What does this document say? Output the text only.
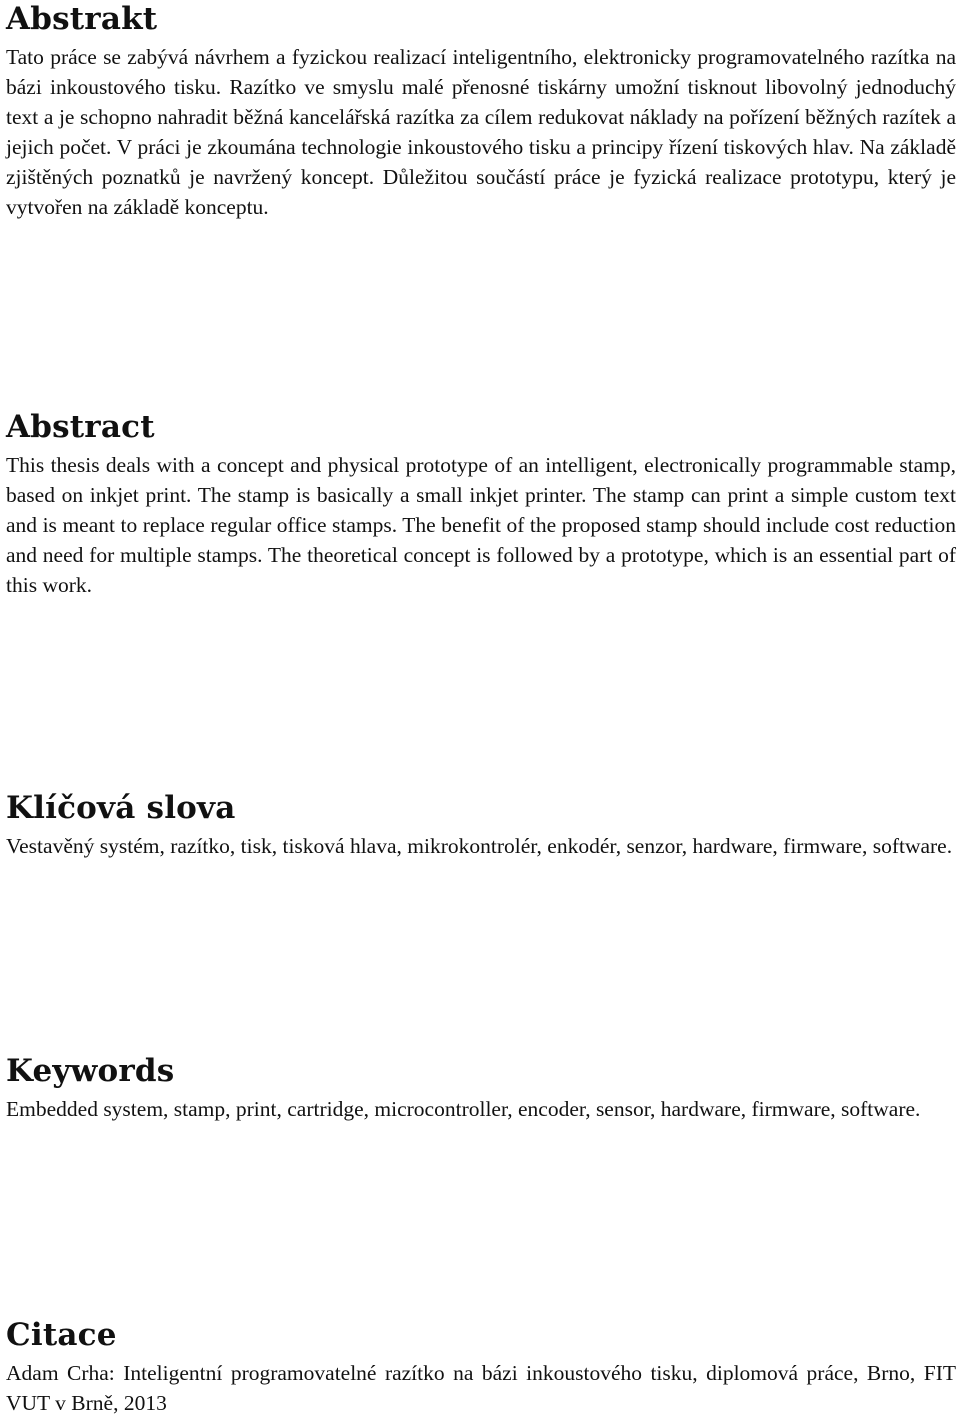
Abstrakt

Tato práce se zabývá návrhem a fyzickou realizací inteligentního, elektronicky programovatelného razítka na bázi inkoustového tisku. Razítko ve smyslu malé přenosné tiskárny umožní tisknout libovolný jednoduchý text a je schopno nahradit běžná kancelářská razítka za cílem redukovat náklady na pořízení běžných razítek a jejich počet. V práci je zkoumána technologie inkoustového tisku a principy řízení tiskových hlav. Na základě zjištěných poznatků je navržený koncept. Důležitou součástí práce je fyzická realizace prototypu, který je vytvořen na základě konceptu.

Abstract

This thesis deals with a concept and physical prototype of an intelligent, electronically programmable stamp, based on inkjet print. The stamp is basically a small inkjet printer. The stamp can print a simple custom text and is meant to replace regular office stamps. The benefit of the proposed stamp should include cost reduction and need for multiple stamps. The theoretical concept is followed by a prototype, which is an essential part of this work.

Klíčová slova

Vestavěný systém, razítko, tisk, tisková hlava, mikrokontrolér, enkodér, senzor, hardware, firmware, software.

Keywords

Embedded system, stamp, print, cartridge, microcontroller, encoder, sensor, hardware, firmware, software.

Citace

Adam Crha: Inteligentní programovatelné razítko na bázi inkoustového tisku, diplomová práce, Brno, FIT VUT v Brně, 2013
